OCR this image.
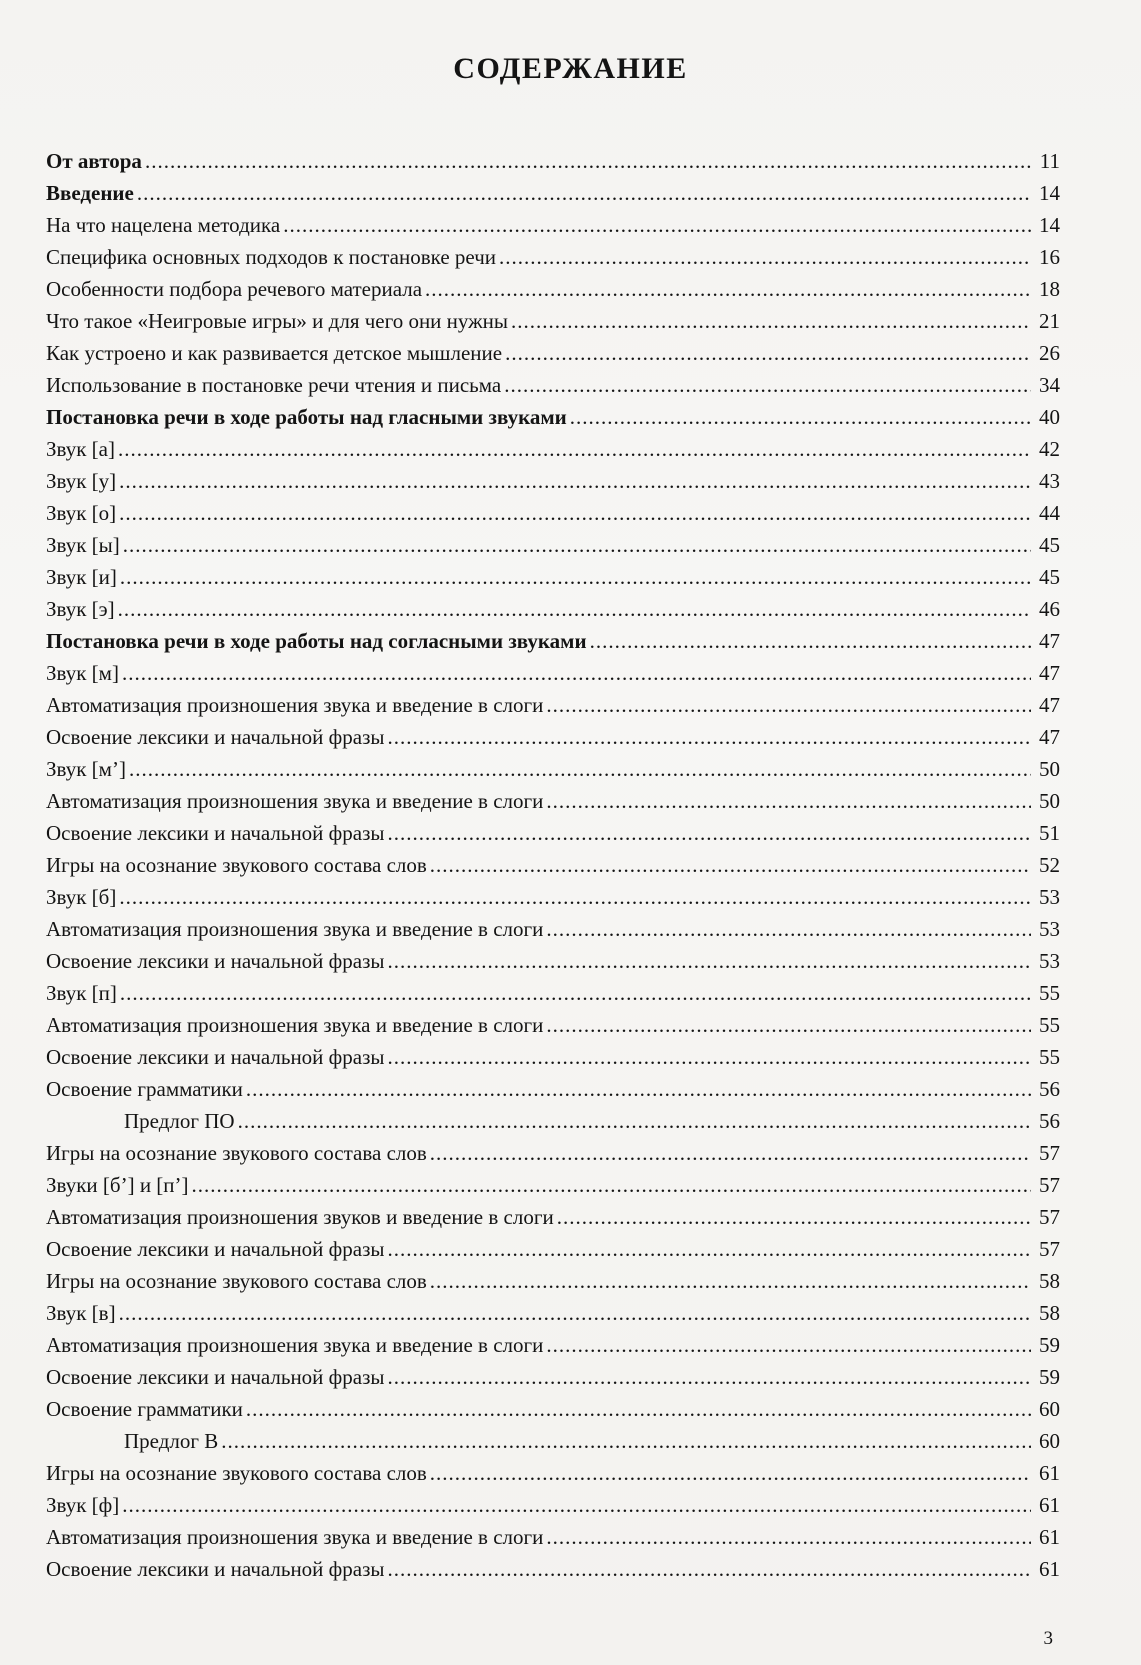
СОДЕРЖАНИЕ
От автора .....	11
Введение .....	14
На что нацелена методика .....	14
Специфика основных подходов к постановке речи .....	16
Особенности подбора речевого материала .....	18
Что такое «Неигровые игры» и для чего они нужны .....	21
Как устроено и как развивается детское мышление .....	26
Использование в постановке речи чтения и письма .....	34
Постановка речи в ходе работы над гласными звуками .....	40
Звук [а] .....	42
Звук [у] .....	43
Звук [о] .....	44
Звук [ы] .....	45
Звук [и] .....	45
Звук [э] .....	46
Постановка речи в ходе работы над согласными звуками .....	47
Звук [м] .....	47
Автоматизация произношения звука и введение в слоги .....	47
Освоение лексики и начальной фразы .....	47
Звук [м’] .....	50
Автоматизация произношения звука и введение в слоги .....	50
Освоение лексики и начальной фразы .....	51
Игры на осознание звукового состава слов .....	52
Звук [б] .....	53
Автоматизация произношения звука и введение в слоги .....	53
Освоение лексики и начальной фразы .....	53
Звук [п] .....	55
Автоматизация произношения звука и введение в слоги .....	55
Освоение лексики и начальной фразы .....	55
Освоение грамматики .....	56
Предлог ПО .....	56
Игры на осознание звукового состава слов .....	57
Звуки [б’] и [п’] .....	57
Автоматизация произношения звуков и введение в слоги .....	57
Освоение лексики и начальной фразы .....	57
Игры на осознание звукового состава слов .....	58
Звук [в] .....	58
Автоматизация произношения звука и введение в слоги .....	59
Освоение лексики и начальной фразы .....	59
Освоение грамматики .....	60
Предлог В .....	60
Игры на осознание звукового состава слов .....	61
Звук [ф] .....	61
Автоматизация произношения звука и введение в слоги .....	61
Освоение лексики и начальной фразы .....	61
3
